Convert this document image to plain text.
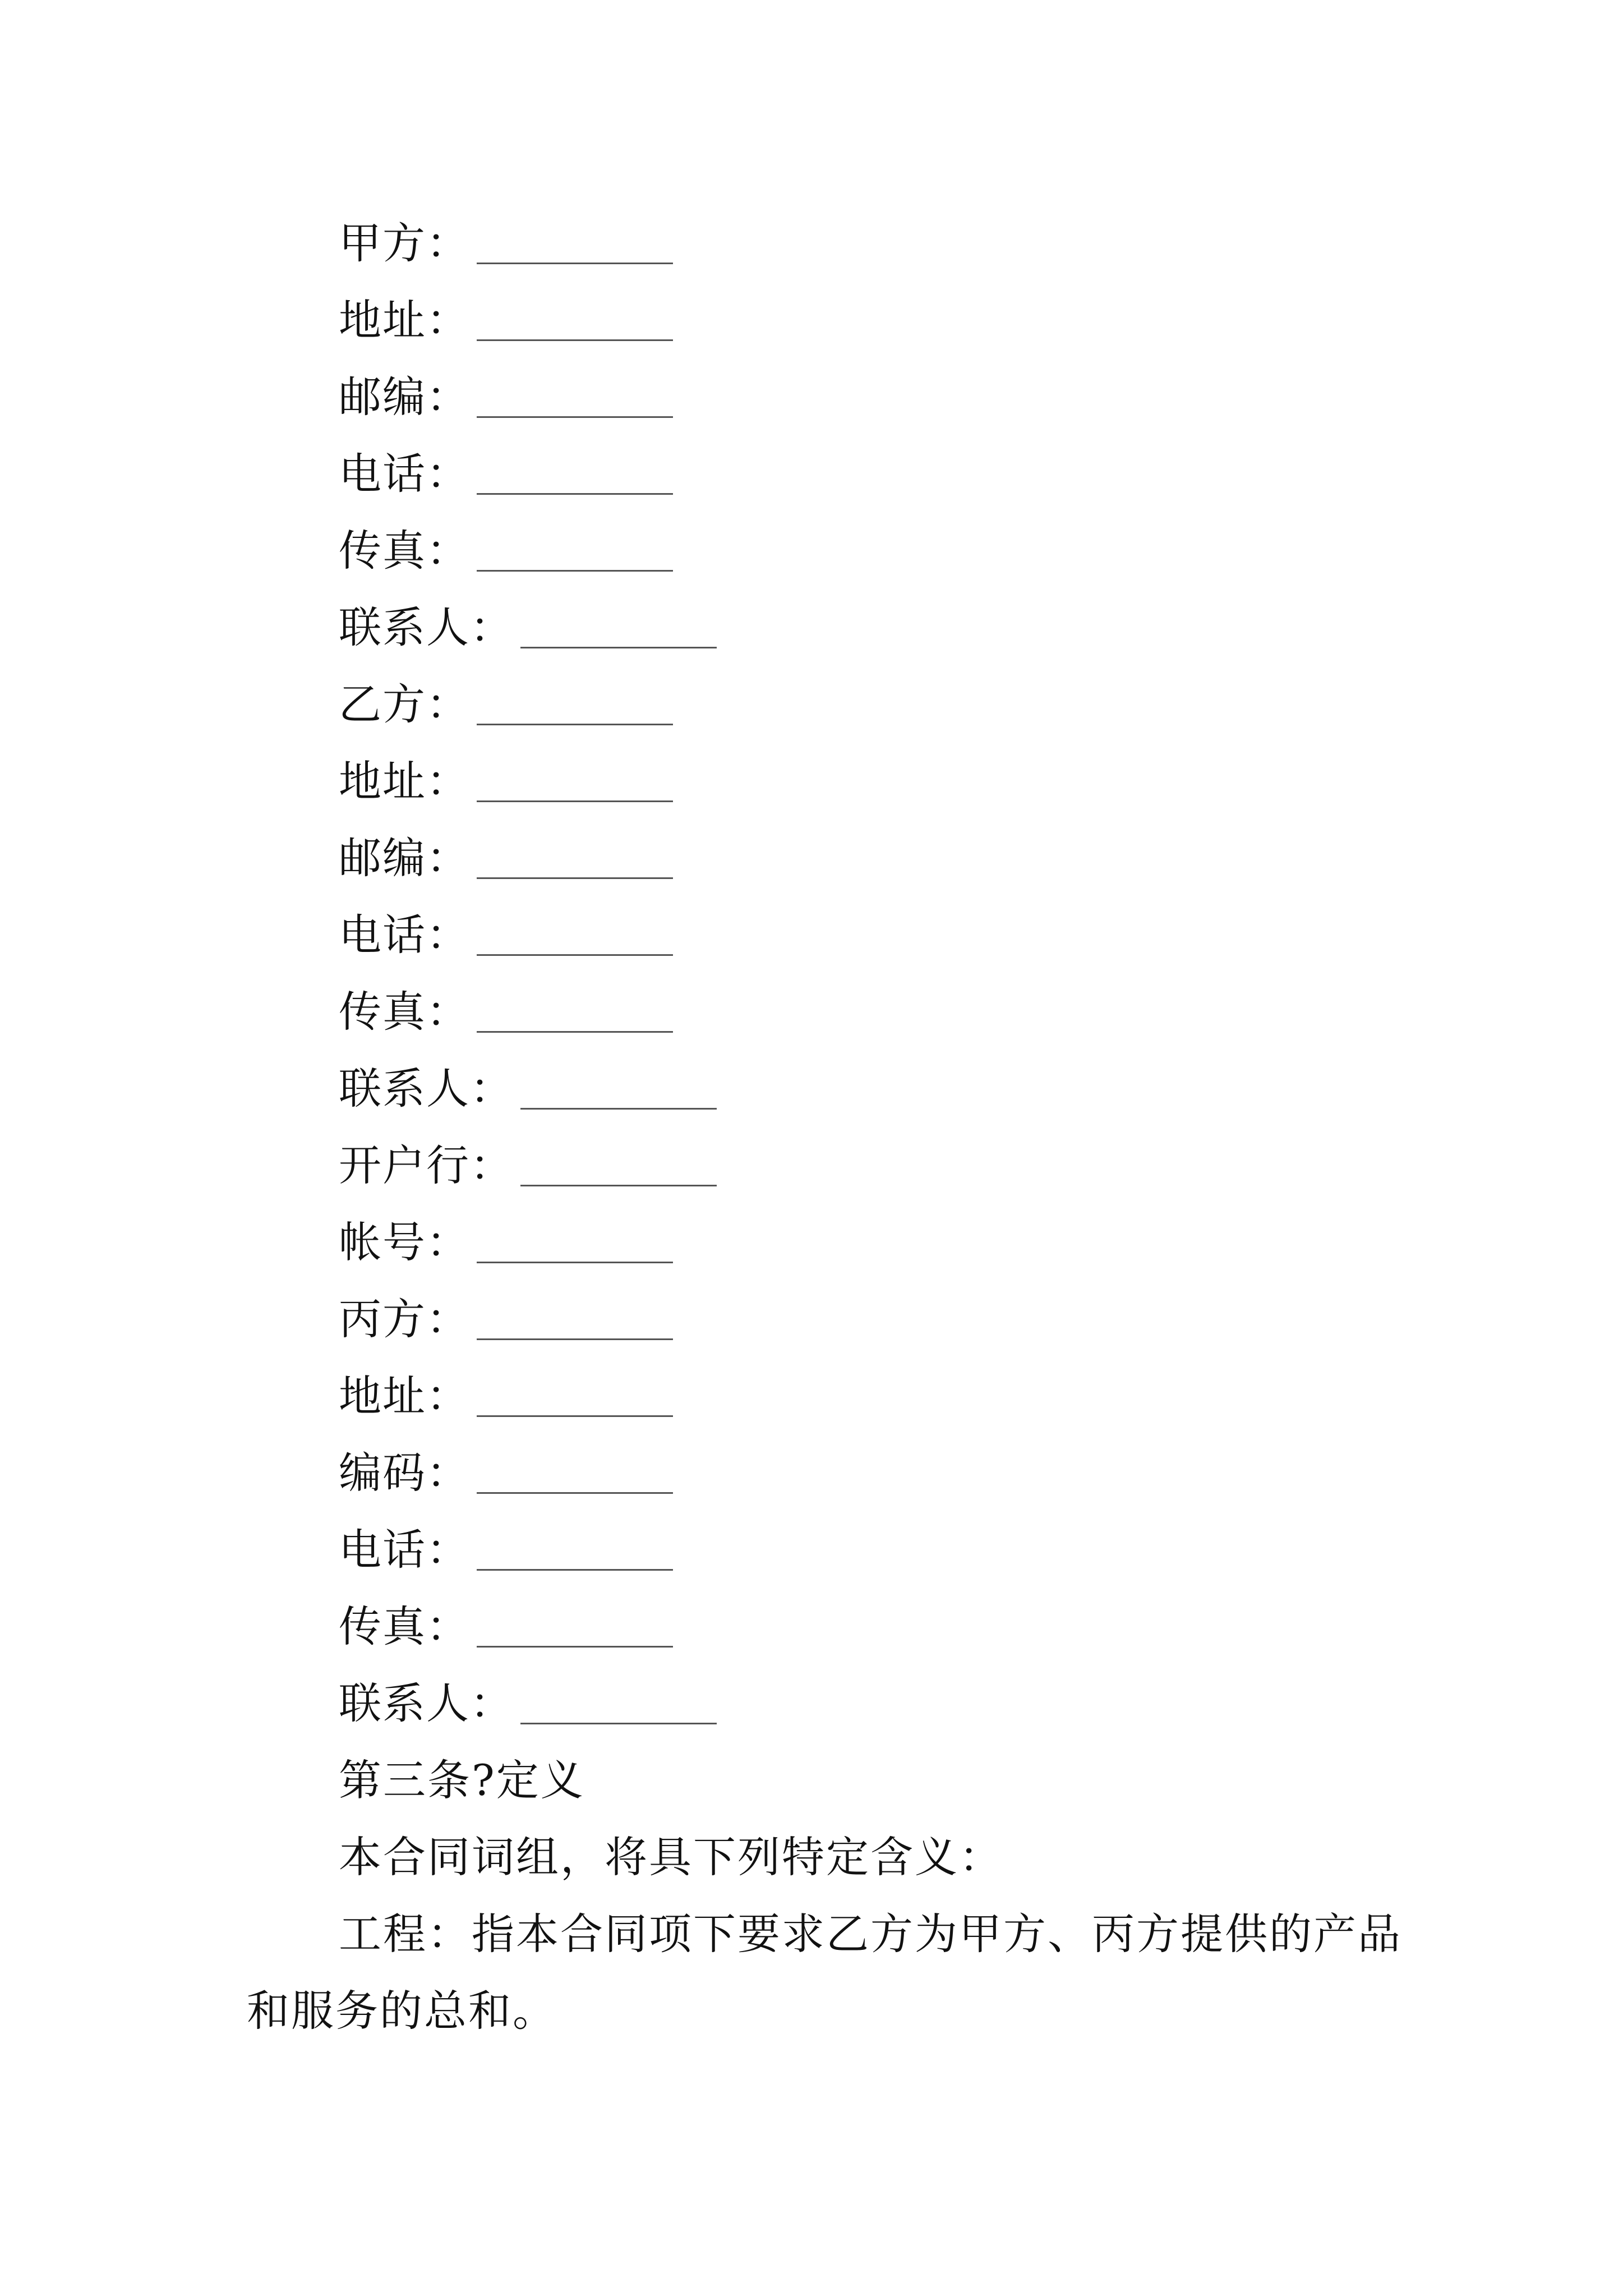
甲方：
地址：
邮编：
电话：
传真：
联系人：
乙方：
地址：
邮编：
电话：
传真：
联系人：
开户行：
帐号：
丙方：
地址：
编码：
电话：
传真：
联系人：
第三条?定义
本合同词组，将具下列特定含义：
工程：指本合同项下要求乙方为甲方、丙方提供的产品
和服务的总和。
